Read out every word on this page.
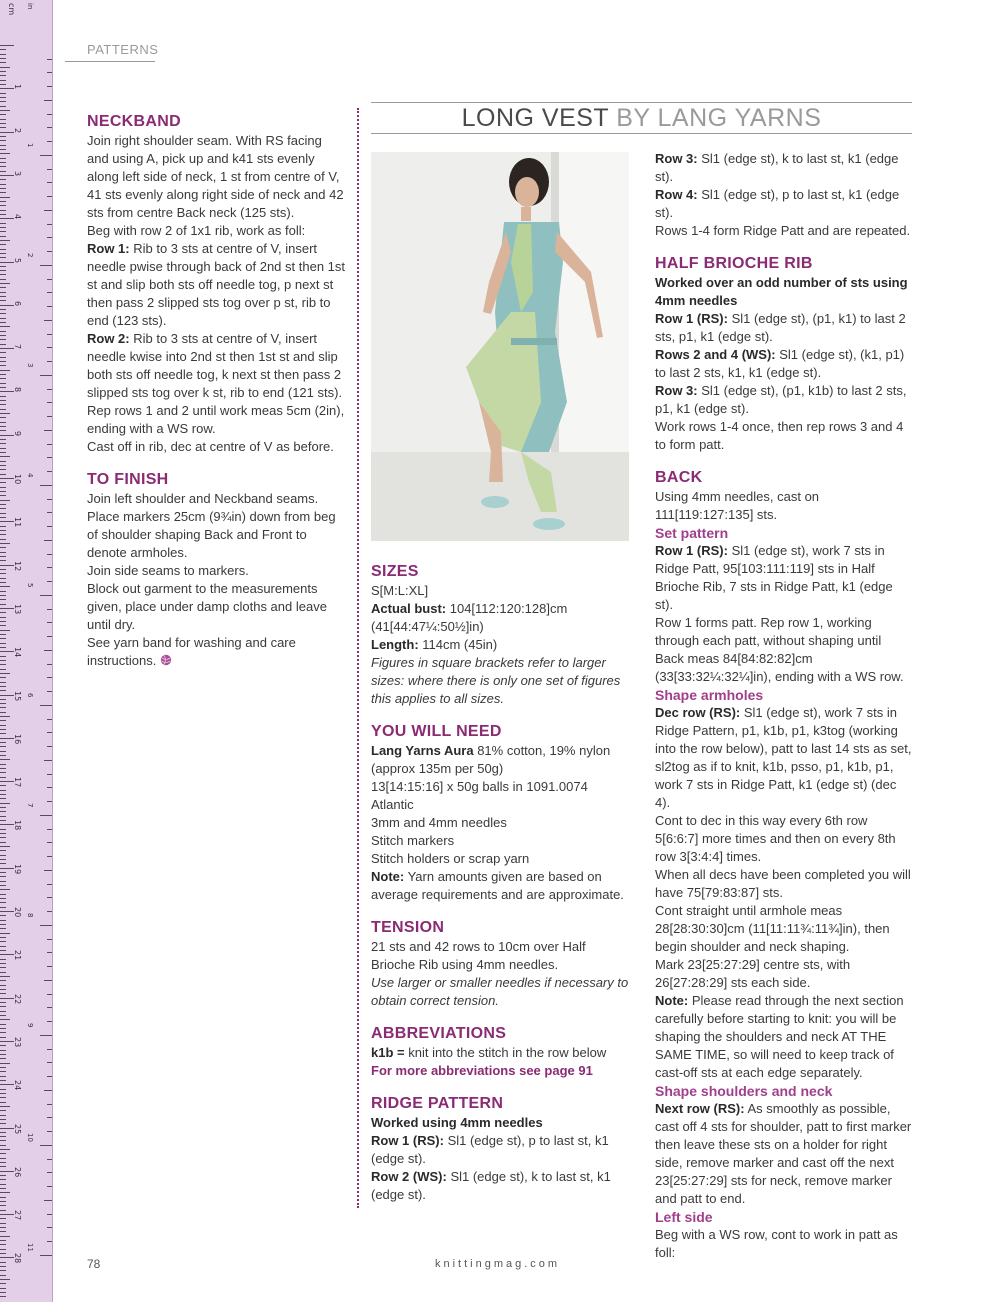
cm in
1
2
3
4
5
6
7
8
9
10
11
12
13
14
15
16
17
18
19
20
21
22
23
24
25
26
27
28
1
2
3
4
5
6
7
8
9
10
11
PATTERNS
LONG VEST BY LANG YARNS

NECKBAND

Join right shoulder seam. With RS facing and using A, pick up and k41 sts evenly along left side of neck, 1 st from centre of V, 41 sts evenly along right side of neck and 42 sts from centre Back neck (125 sts).

Beg with row 2 of 1x1 rib, work as foll:

Row 1: Rib to 3 sts at centre of V, insert needle pwise through back of 2nd st then 1st st and slip both sts off needle tog, p next st then pass 2 slipped sts tog over p st, rib to end (123 sts).

Row 2: Rib to 3 sts at centre of V, insert needle kwise into 2nd st then 1st st and slip both sts off needle tog, k next st then pass 2 slipped sts tog over k st, rib to end (121 sts).

Rep rows 1 and 2 until work meas 5cm (2in), ending with a WS row.

Cast off in rib, dec at centre of V as before.

TO FINISH

Join left shoulder and Neckband seams. Place markers 25cm (9¾in) down from beg of shoulder shaping Back and Front to denote armholes.

Join side seams to markers.

Block out garment to the measurements given, place under damp cloths and leave until dry.

See yarn band for washing and care instructions.

SIZES

S[M:L:XL]

Actual bust: 104[112:120:128]cm (41[44:47¼:50½]in)

Length: 114cm (45in)

Figures in square brackets refer to larger sizes: where there is only one set of figures this applies to all sizes.

YOU WILL NEED

Lang Yarns Aura 81% cotton, 19% nylon (approx 135m per 50g)

13[14:15:16] x 50g balls in 1091.0074 Atlantic

3mm and 4mm needles

Stitch markers

Stitch holders or scrap yarn

Note: Yarn amounts given are based on average requirements and are approximate.

TENSION

21 sts and 42 rows to 10cm over Half Brioche Rib using 4mm needles.

Use larger or smaller needles if necessary to obtain correct tension.

ABBREVIATIONS

k1b = knit into the stitch in the row below

For more abbreviations see page 91

RIDGE PATTERN

Worked using 4mm needles

Row 1 (RS): Sl1 (edge st), p to last st, k1 (edge st).

Row 2 (WS): Sl1 (edge st), k to last st, k1 (edge st).

Row 3: Sl1 (edge st), k to last st, k1 (edge st).

Row 4: Sl1 (edge st), p to last st, k1 (edge st).

Rows 1-4 form Ridge Patt and are repeated.

HALF BRIOCHE RIB

Worked over an odd number of sts using 4mm needles

Row 1 (RS): Sl1 (edge st), (p1, k1) to last 2 sts, p1, k1 (edge st).

Rows 2 and 4 (WS): Sl1 (edge st), (k1, p1) to last 2 sts, k1, k1 (edge st).

Row 3: Sl1 (edge st), (p1, k1b) to last 2 sts, p1, k1 (edge st).

Work rows 1-4 once, then rep rows 3 and 4 to form patt.

BACK

Using 4mm needles, cast on 111[119:127:135] sts.

Set pattern

Row 1 (RS): Sl1 (edge st), work 7 sts in Ridge Patt, 95[103:111:119] sts in Half Brioche Rib, 7 sts in Ridge Patt, k1 (edge st).

Row 1 forms patt. Rep row 1, working through each patt, without shaping until Back meas 84[84:82:82]cm (33[33:32¼:32¼]in), ending with a WS row.

Shape armholes

Dec row (RS): Sl1 (edge st), work 7 sts in Ridge Pattern, p1, k1b, p1, k3tog (working into the row below), patt to last 14 sts as set, sl2tog as if to knit, k1b, psso, p1, k1b, p1, work 7 sts in Ridge Patt, k1 (edge st) (dec 4).

Cont to dec in this way every 6th row 5[6:6:7] more times and then on every 8th row 3[3:4:4] times.

When all decs have been completed you will have 75[79:83:87] sts.

Cont straight until armhole meas 28[28:30:30]cm (11[11:11¾:11¾]in), then begin shoulder and neck shaping.

Mark 23[25:27:29] centre sts, with 26[27:28:29] sts each side.

Note: Please read through the next section carefully before starting to knit: you will be shaping the shoulders and neck AT THE SAME TIME, so will need to keep track of cast-off sts at each edge separately.

Shape shoulders and neck

Next row (RS): As smoothly as possible, cast off 4 sts for shoulder, patt to first marker then leave these sts on a holder for right side, remove marker and cast off the next 23[25:27:29] sts for neck, remove marker and patt to end.

Left side

Beg with a WS row, cont to work in patt as foll:

78	knittingmag.com
